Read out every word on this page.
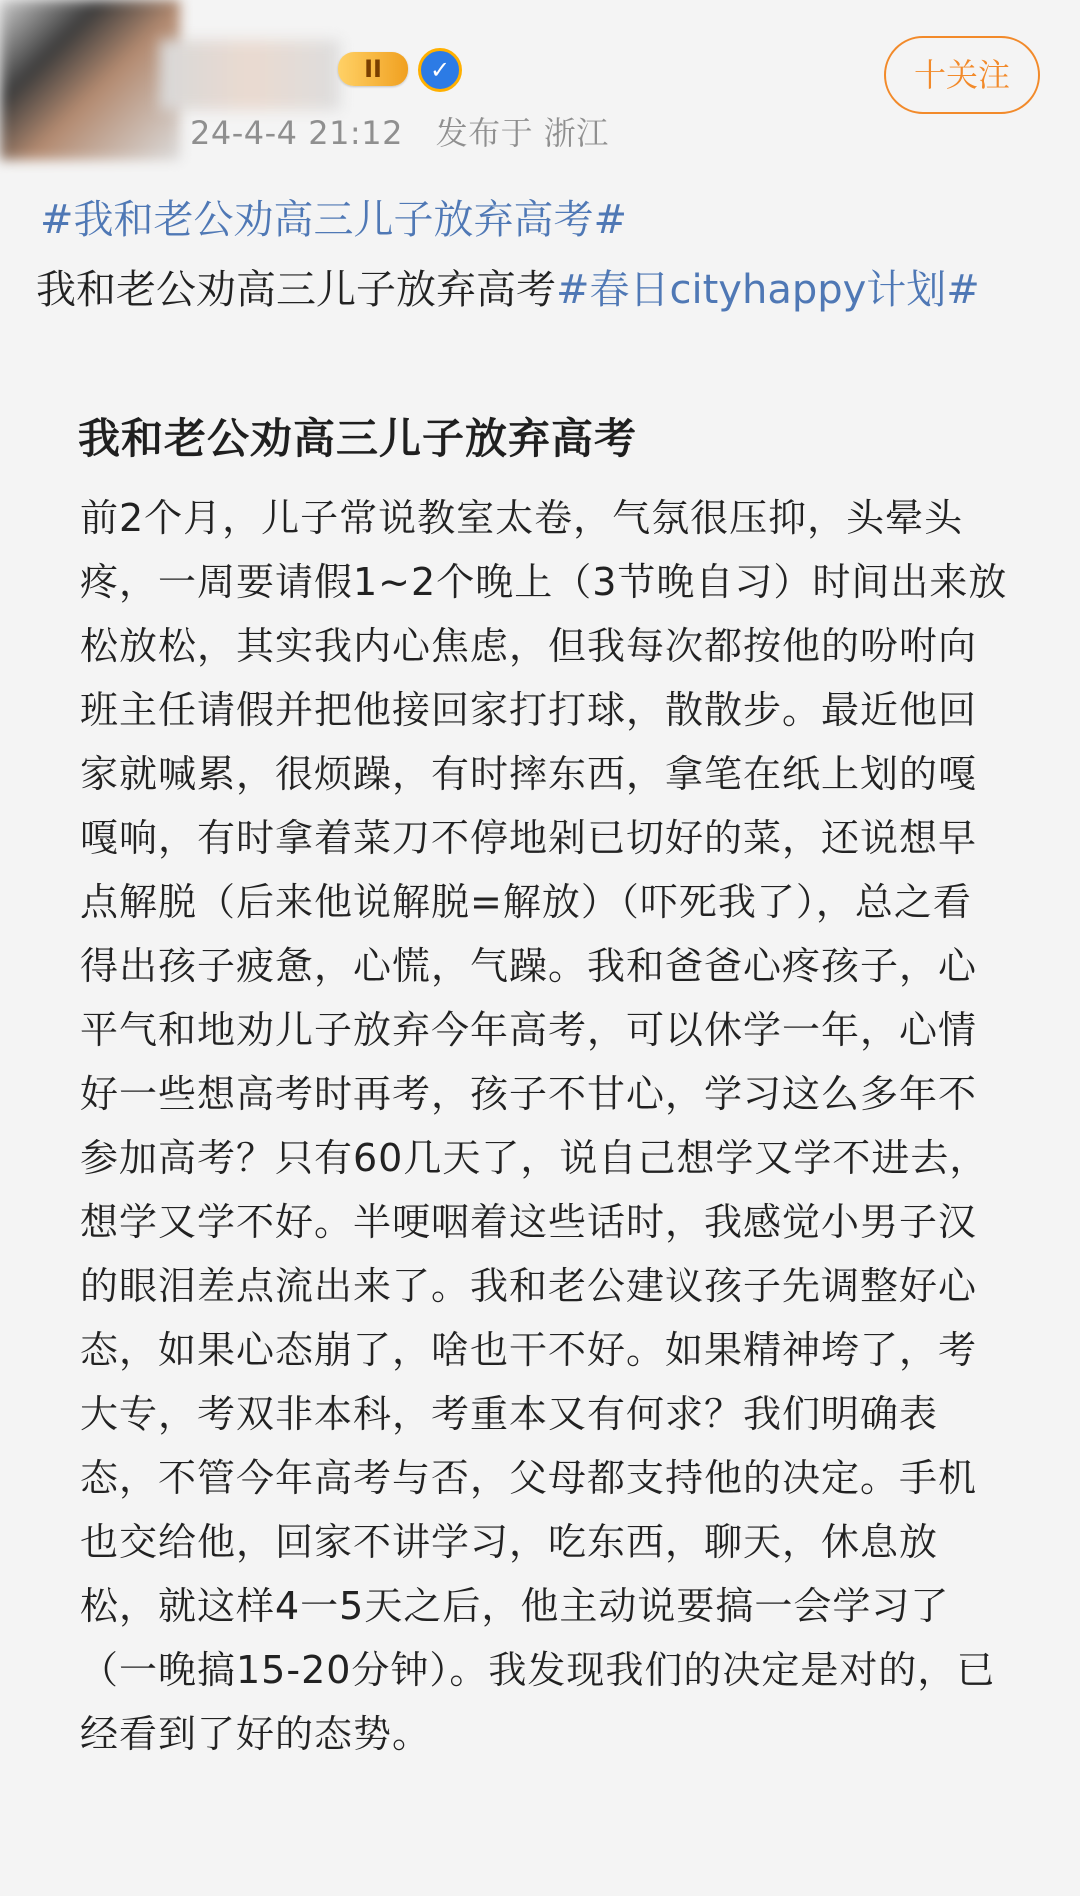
II	✓
24-4-4 21:12 发布于 浙江
十关注
#我和老公劝高三儿子放弃高考#
我和老公劝高三儿子放弃高考#春日cityhappy计划#
我和老公劝高三儿子放弃高考

前2个月，儿子常说教室太卷，气氛很压抑，头晕头疼，一周要请假1~2个晚上（3节晚自习）时间出来放松放松，其实我内心焦虑，但我每次都按他的吩咐向班主任请假并把他接回家打打球，散散步。最近他回家就喊累，很烦躁，有时摔东西，拿笔在纸上划的嘎嘎响，有时拿着菜刀不停地剁已切好的菜，还说想早点解脱（后来他说解脱=解放）（吓死我了），总之看得出孩子疲惫，心慌，气躁。我和爸爸心疼孩子，心平气和地劝儿子放弃今年高考，可以休学一年，心情好一些想高考时再考，孩子不甘心，学习这么多年不参加高考？只有60几天了，说自己想学又学不进去，想学又学不好。半哽咽着这些话时，我感觉小男子汉的眼泪差点流出来了。我和老公建议孩子先调整好心态，如果心态崩了，啥也干不好。如果精神垮了，考大专，考双非本科，考重本又有何求？我们明确表态，不管今年高考与否，父母都支持他的决定。手机也交给他，回家不讲学习，吃东西，聊天，休息放松，就这样4一5天之后，他主动说要搞一会学习了（一晚搞15-20分钟）。我发现我们的决定是对的，已经看到了好的态势。
